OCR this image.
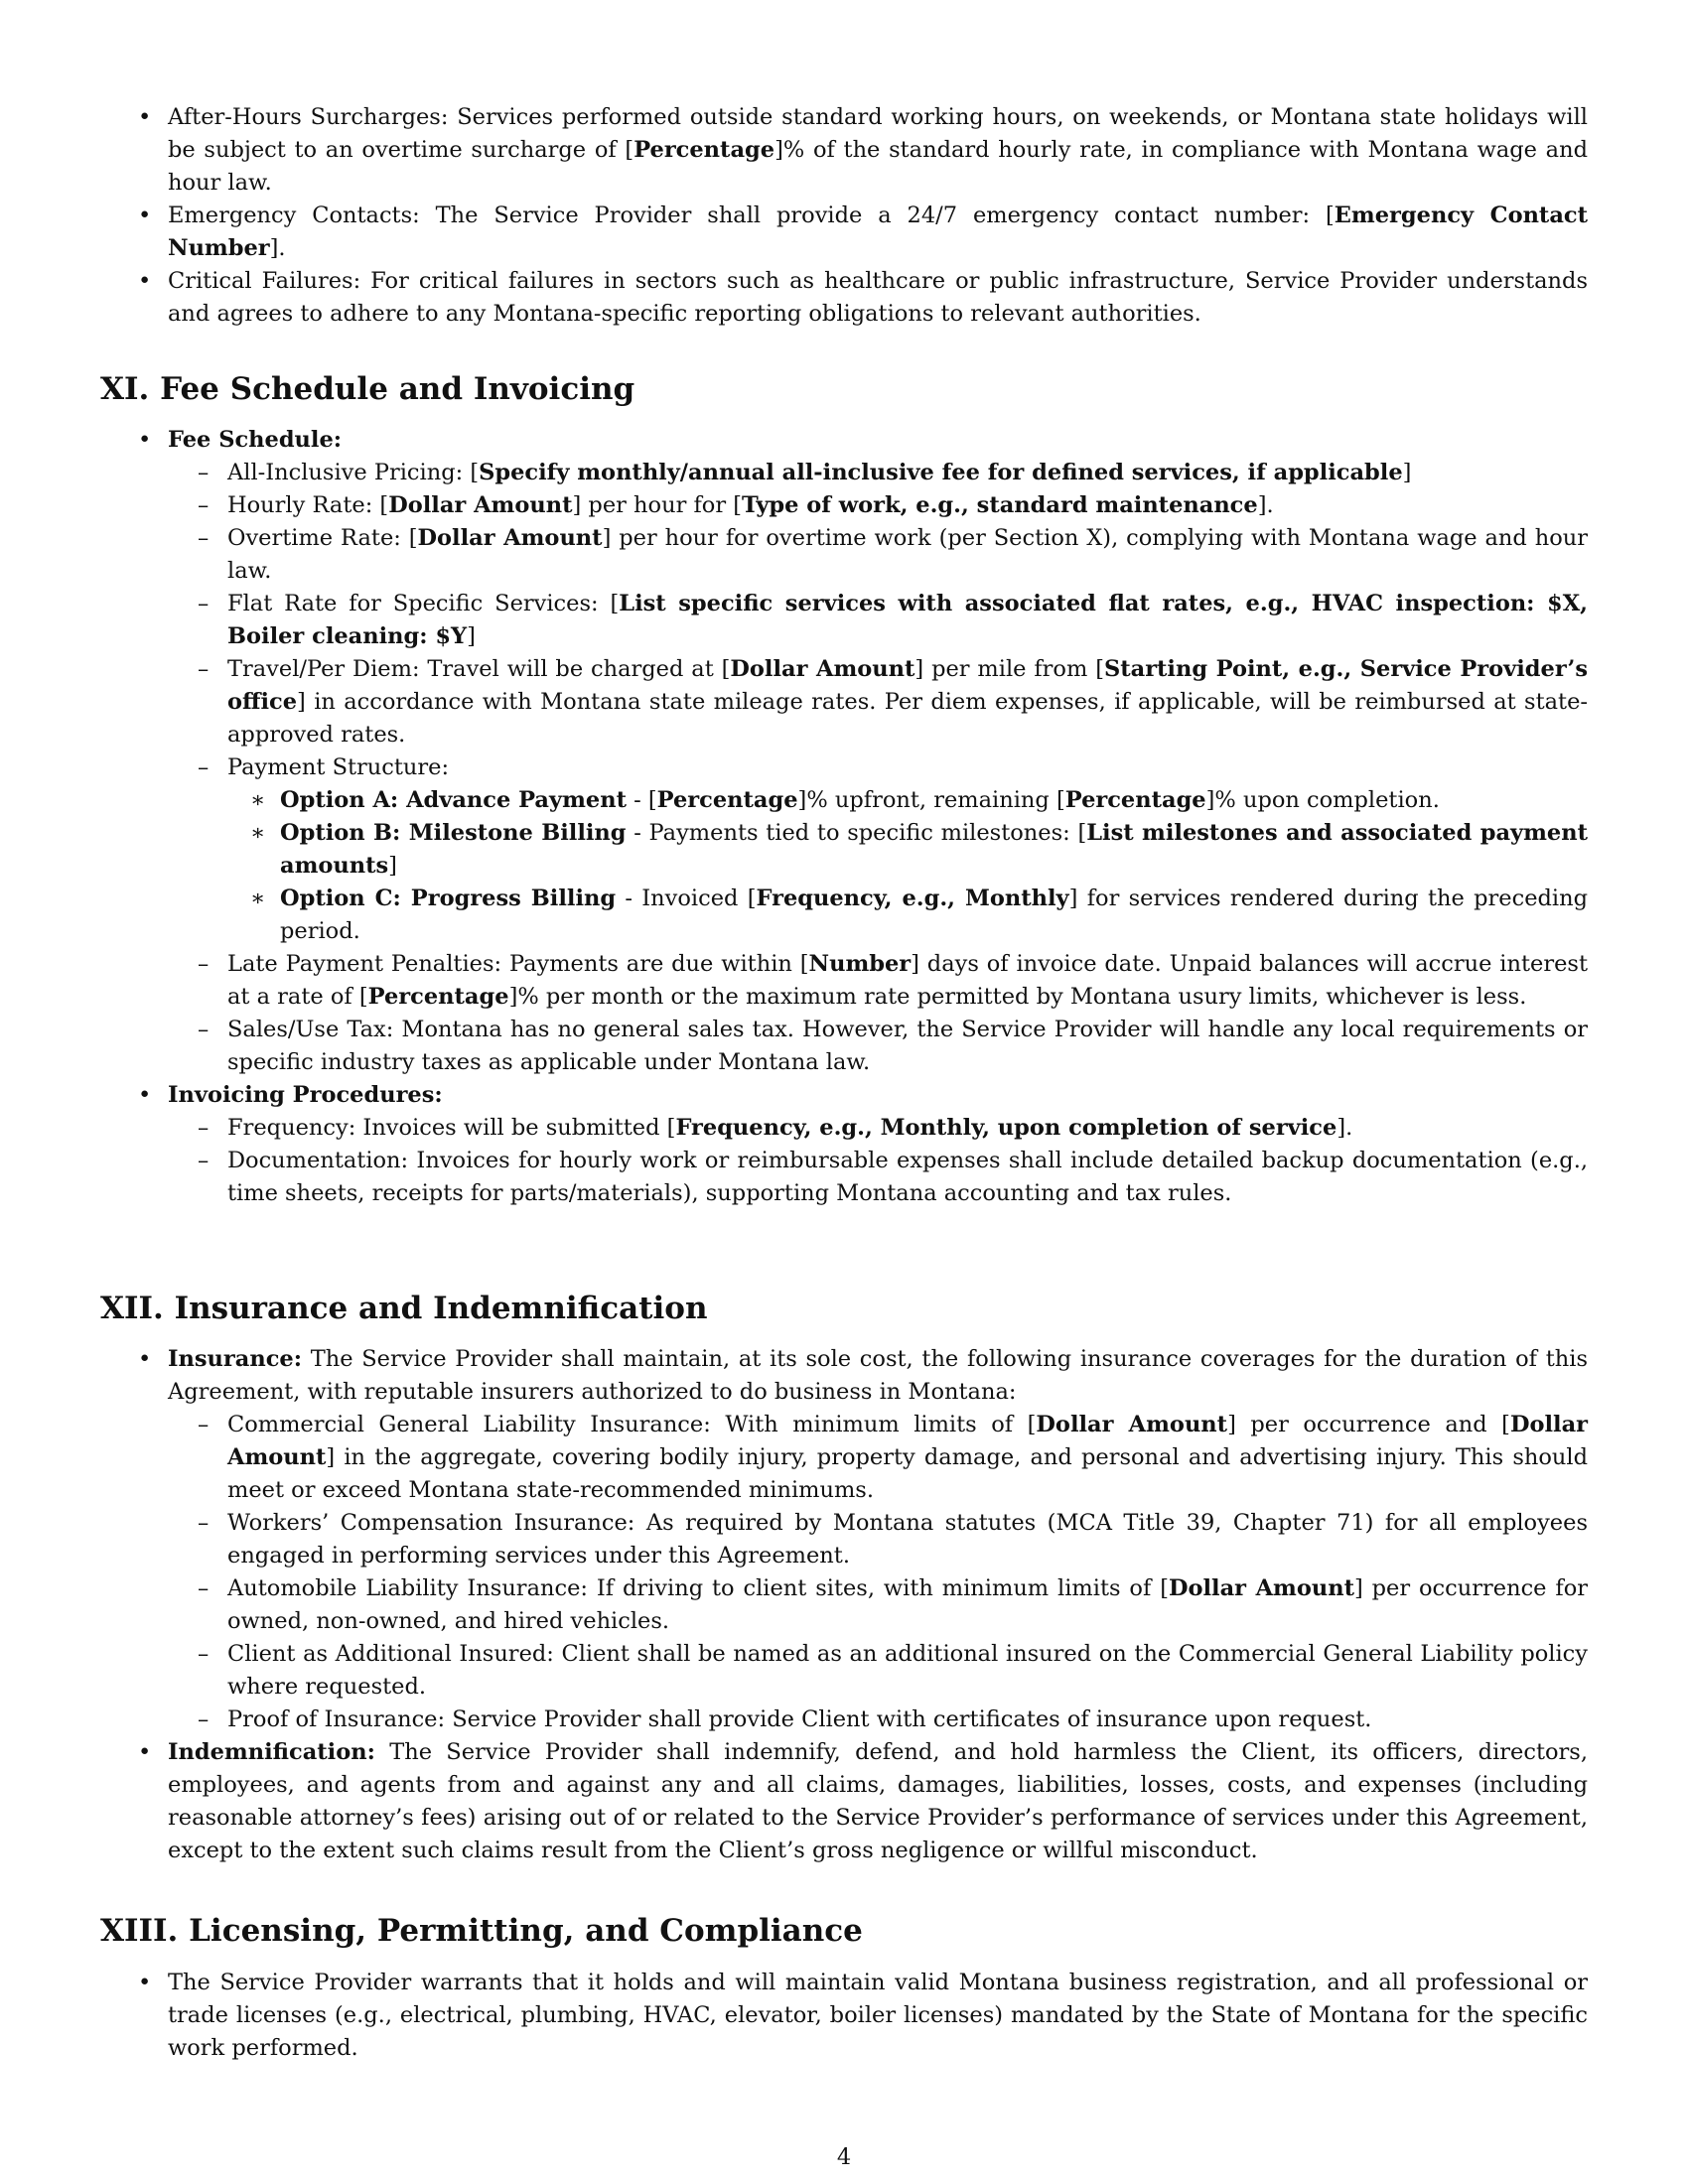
• After-Hours Surcharges: Services performed outside standard working hours, on weekends, or Montana state holidays will be subject to an overtime surcharge of [Percentage]% of the standard hourly rate, in compliance with Montana wage and hour law.
• Emergency Contacts: The Service Provider shall provide a 24/7 emergency contact number: [Emergency Contact Number].
• Critical Failures: For critical failures in sectors such as healthcare or public infrastructure, Service Provider understands and agrees to adhere to any Montana-specific reporting obligations to relevant authorities.
XI. Fee Schedule and Invoicing
• Fee Schedule:
– All-Inclusive Pricing: [Specify monthly/annual all-inclusive fee for defined services, if applicable]
– Hourly Rate: [Dollar Amount] per hour for [Type of work, e.g., standard maintenance].
– Overtime Rate: [Dollar Amount] per hour for overtime work (per Section X), complying with Montana wage and hour law.
– Flat Rate for Specific Services: [List specific services with associated flat rates, e.g., HVAC inspection: $X, Boiler cleaning: $Y]
– Travel/Per Diem: Travel will be charged at [Dollar Amount] per mile from [Starting Point, e.g., Service Provider’s office] in accordance with Montana state mileage rates. Per diem expenses, if applicable, will be reimbursed at state-approved rates.
– Payment Structure:
∗ Option A: Advance Payment - [Percentage]% upfront, remaining [Percentage]% upon completion.
∗ Option B: Milestone Billing - Payments tied to specific milestones: [List milestones and associated payment amounts]
∗ Option C: Progress Billing - Invoiced [Frequency, e.g., Monthly] for services rendered during the preceding period.
– Late Payment Penalties: Payments are due within [Number] days of invoice date. Unpaid balances will accrue interest at a rate of [Percentage]% per month or the maximum rate permitted by Montana usury limits, whichever is less.
– Sales/Use Tax: Montana has no general sales tax. However, the Service Provider will handle any local requirements or specific industry taxes as applicable under Montana law.
• Invoicing Procedures:
– Frequency: Invoices will be submitted [Frequency, e.g., Monthly, upon completion of service].
– Documentation: Invoices for hourly work or reimbursable expenses shall include detailed backup documentation (e.g., time sheets, receipts for parts/materials), supporting Montana accounting and tax rules.
XII. Insurance and Indemnification
• Insurance: The Service Provider shall maintain, at its sole cost, the following insurance coverages for the duration of this Agreement, with reputable insurers authorized to do business in Montana:
– Commercial General Liability Insurance: With minimum limits of [Dollar Amount] per occurrence and [Dollar Amount] in the aggregate, covering bodily injury, property damage, and personal and advertising injury. This should meet or exceed Montana state-recommended minimums.
– Workers’ Compensation Insurance: As required by Montana statutes (MCA Title 39, Chapter 71) for all employees engaged in performing services under this Agreement.
– Automobile Liability Insurance: If driving to client sites, with minimum limits of [Dollar Amount] per occurrence for owned, non-owned, and hired vehicles.
– Client as Additional Insured: Client shall be named as an additional insured on the Commercial General Liability policy where requested.
– Proof of Insurance: Service Provider shall provide Client with certificates of insurance upon request.
• Indemnification: The Service Provider shall indemnify, defend, and hold harmless the Client, its officers, directors, employees, and agents from and against any and all claims, damages, liabilities, losses, costs, and expenses (including reasonable attorney’s fees) arising out of or related to the Service Provider’s performance of services under this Agreement, except to the extent such claims result from the Client’s gross negligence or willful misconduct.
XIII. Licensing, Permitting, and Compliance
• The Service Provider warrants that it holds and will maintain valid Montana business registration, and all professional or trade licenses (e.g., electrical, plumbing, HVAC, elevator, boiler licenses) mandated by the State of Montana for the specific work performed.
4
